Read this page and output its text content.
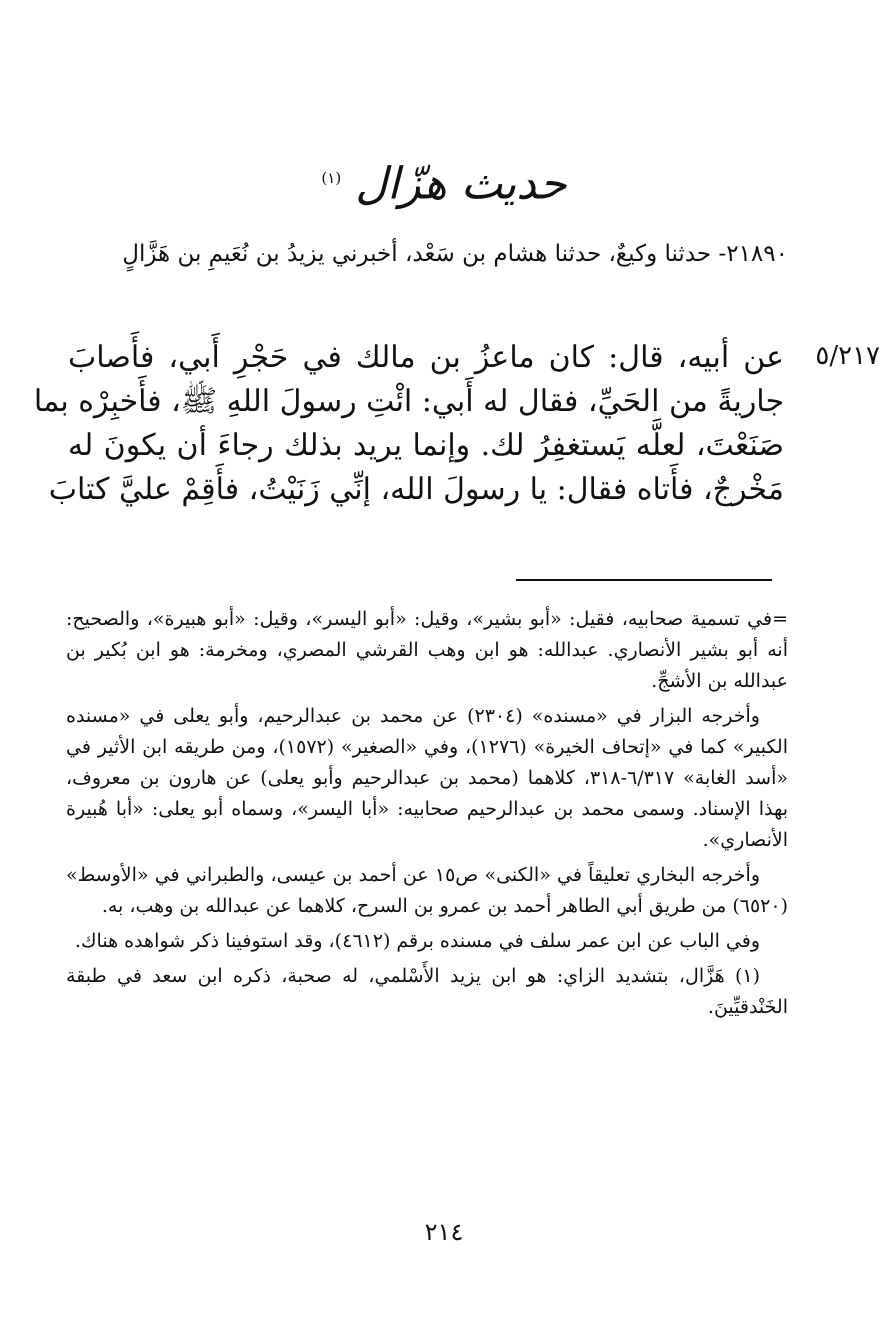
حديث هزّال $^{(١)}$
٢١٨٩٠- حدثنا وكيعٌ، حدثنا هشام بن سَعْد، أخبرني يزيدُ بن نُعَيمِ بن هَزَّالٍ
٥/٢١٧
عن أبيه، قال: كان ماعزُ بن مالك في حَجْرِ أَبي، فأَصابَ
جاريةً من الحَيِّ، فقال له أَبي: ائْتِ رسولَ اللهِ ﷺ، فأَخبِرْه بما
صَنَعْتَ، لعلَّه يَستغفِرُ لك. وإنما يريد بذلك رجاءَ أن يكونَ له
مَخْرجٌ، فأَتاه فقال: يا رسولَ الله، إنِّي زَنَيْتُ، فأَقِمْ عليَّ كتابَ

=في تسمية صحابيه، فقيل: «أبو بشير»، وقيل: «أبو اليسر»، وقيل: «أبو هبيرة»، والصحيح: أنه أبو بشير الأنصاري. عبدالله: هو ابن وهب القرشي المصري، ومخرمة: هو ابن بُكير بن عبدالله بن الأشجِّ.

وأخرجه البزار في «مسنده» (٢٣٠٤) عن محمد بن عبدالرحيم، وأبو يعلى في «مسنده الكبير» كما في «إتحاف الخيرة» (١٢٧٦)، وفي «الصغير» (١٥٧٢)، ومن طريقه ابن الأثير في «أسد الغابة» ٦/٣١٧-٣١٨، كلاهما (محمد بن عبدالرحيم وأبو يعلى) عن هارون بن معروف، بهذا الإسناد. وسمى محمد بن عبدالرحيم صحابيه: «أبا اليسر»، وسماه أبو يعلى: «أبا هُبيرة الأنصاري».

وأخرجه البخاري تعليقاً في «الكنى» ص١٥ عن أحمد بن عيسى، والطبراني في «الأوسط» (٦٥٢٠) من طريق أبي الطاهر أحمد بن عمرو بن السرح، كلاهما عن عبدالله بن وهب، به.

وفي الباب عن ابن عمر سلف في مسنده برقم (٤٦١٢)، وقد استوفينا ذكر شواهده هناك.

(١) هَزَّال، بتشديد الزاي: هو ابن يزيد الأَسْلمي، له صحبة، ذكره ابن سعد في طبقة الخَنْدقيِّينَ.

٢١٤
